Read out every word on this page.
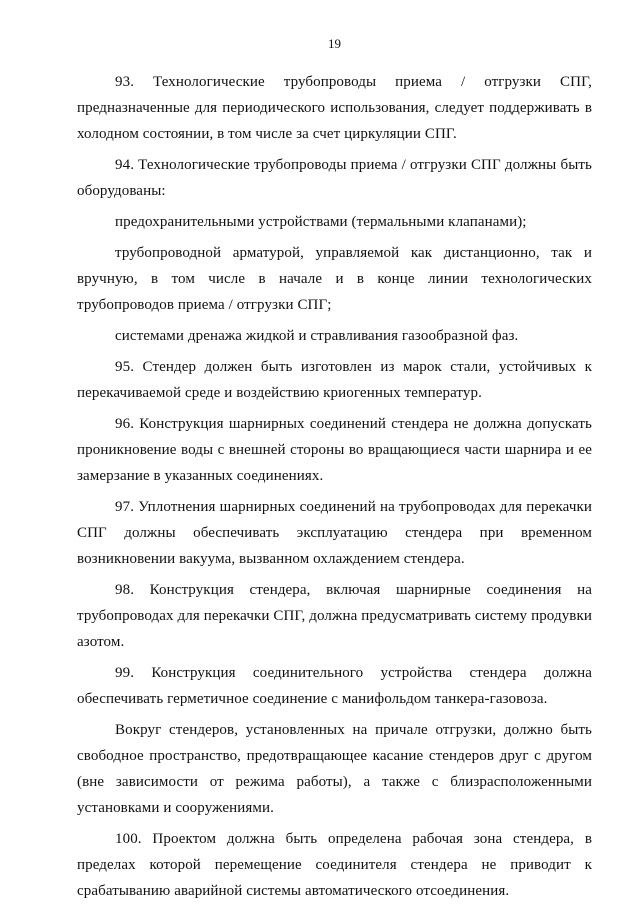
19

93. Технологические трубопроводы приема / отгрузки СПГ, предназначенные для периодического использования, следует поддерживать в холодном состоянии, в том числе за счет циркуляции СПГ.

94. Технологические трубопроводы приема / отгрузки СПГ должны быть оборудованы:

предохранительными устройствами (термальными клапанами);

трубопроводной арматурой, управляемой как дистанционно, так и вручную, в том числе в начале и в конце линии технологических трубопроводов приема / отгрузки СПГ;

системами дренажа жидкой и стравливания газообразной фаз.

95. Стендер должен быть изготовлен из марок стали, устойчивых к перекачиваемой среде и воздействию криогенных температур.

96. Конструкция шарнирных соединений стендера не должна допускать проникновение воды с внешней стороны во вращающиеся части шарнира и ее замерзание в указанных соединениях.

97. Уплотнения шарнирных соединений на трубопроводах для перекачки СПГ должны обеспечивать эксплуатацию стендера при временном возникновении вакуума, вызванном охлаждением стендера.

98. Конструкция стендера, включая шарнирные соединения на трубопроводах для перекачки СПГ, должна предусматривать систему продувки азотом.

99. Конструкция соединительного устройства стендера должна обеспечивать герметичное соединение с манифольдом танкера-газовоза.

Вокруг стендеров, установленных на причале отгрузки, должно быть свободное пространство, предотвращающее касание стендеров друг с другом (вне зависимости от режима работы), а также с близрасположенными установками и сооружениями.

100. Проектом должна быть определена рабочая зона стендера, в пределах которой перемещение соединителя стендера не приводит к срабатыванию аварийной системы автоматического отсоединения.
